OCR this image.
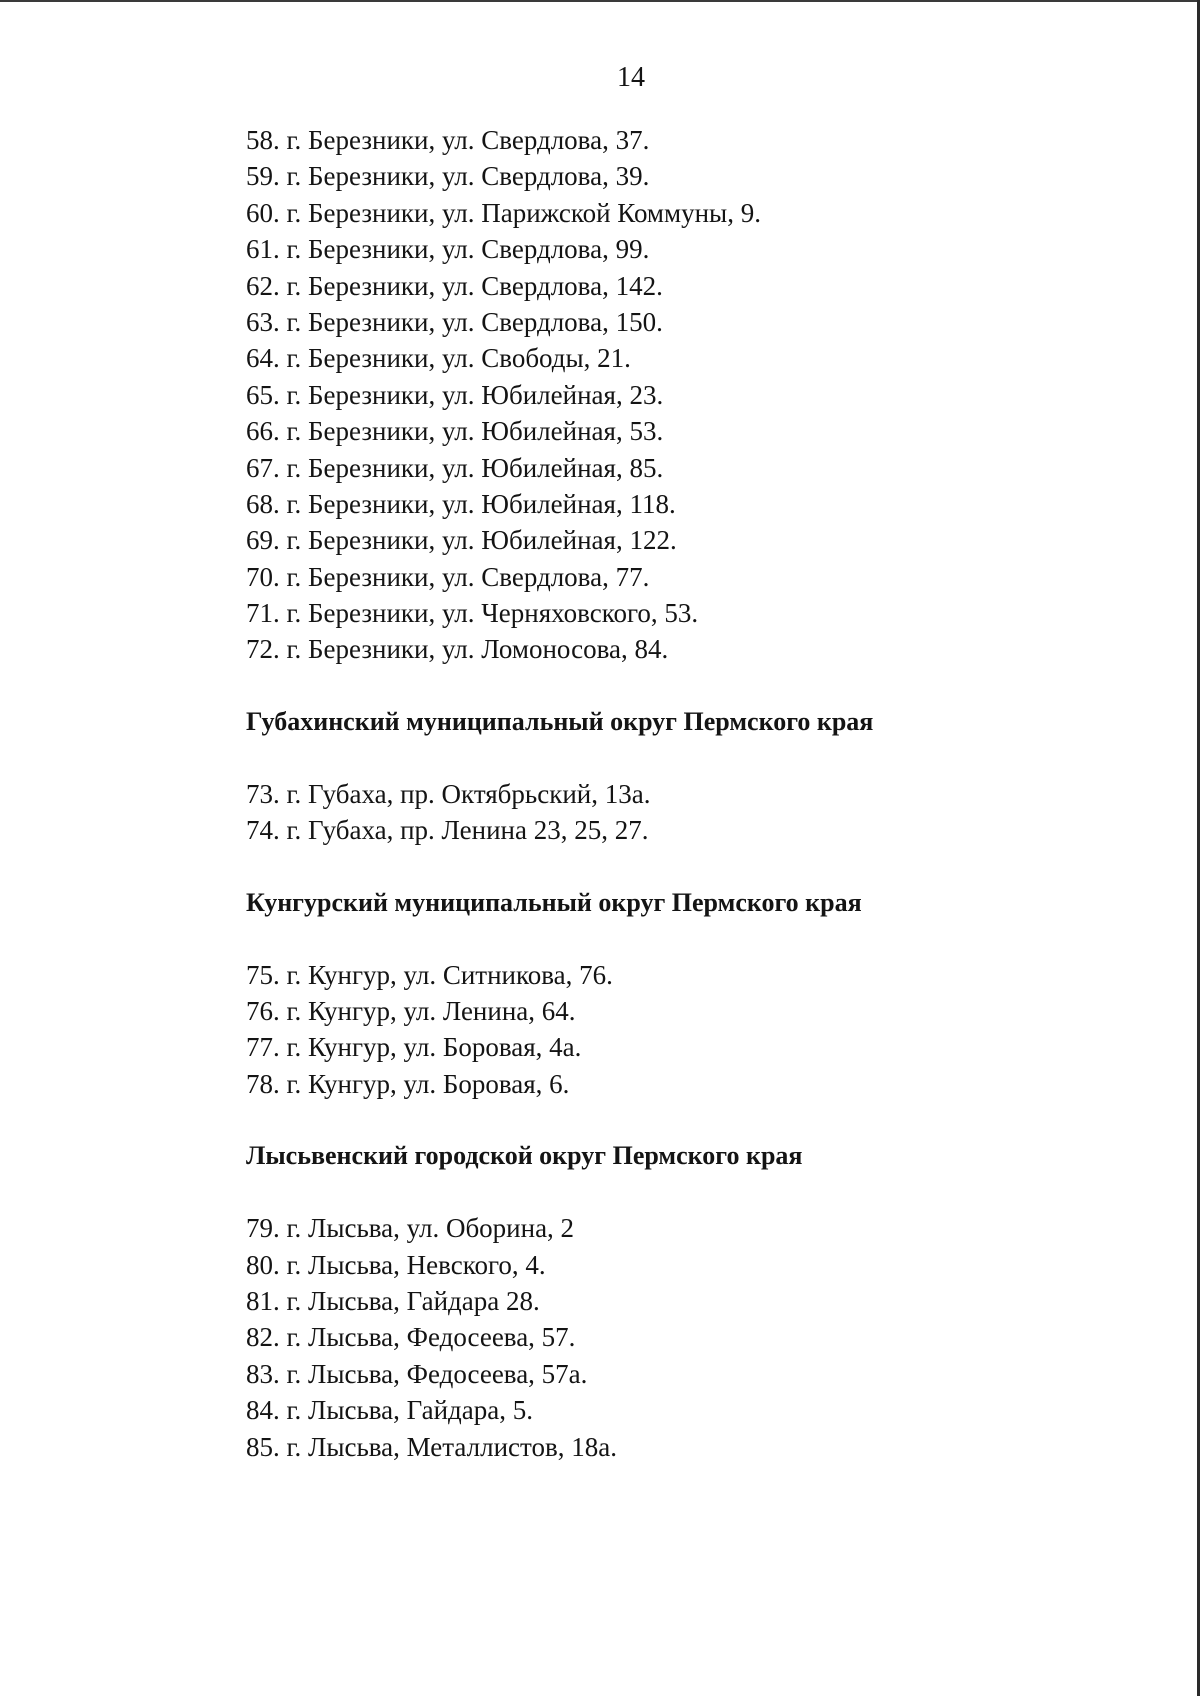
14
58. г. Березники, ул. Свердлова, 37.
59. г. Березники, ул. Свердлова, 39.
60. г. Березники, ул. Парижской Коммуны, 9.
61. г. Березники, ул. Свердлова, 99.
62. г. Березники, ул. Свердлова, 142.
63. г. Березники, ул. Свердлова, 150.
64. г. Березники, ул. Свободы, 21.
65. г. Березники, ул. Юбилейная, 23.
66. г. Березники, ул. Юбилейная, 53.
67. г. Березники, ул. Юбилейная, 85.
68. г. Березники, ул. Юбилейная, 118.
69. г. Березники, ул. Юбилейная, 122.
70. г. Березники, ул. Свердлова, 77.
71. г. Березники, ул. Черняховского, 53.
72. г. Березники, ул. Ломоносова, 84.
Губахинский муниципальный округ Пермского края
73. г. Губаха, пр. Октябрьский, 13а.
74. г. Губаха, пр. Ленина 23, 25, 27.
Кунгурский муниципальный округ Пермского края
75. г. Кунгур, ул. Ситникова, 76.
76. г. Кунгур, ул. Ленина, 64.
77. г. Кунгур, ул. Боровая, 4а.
78. г. Кунгур, ул. Боровая, 6.
Лысьвенский городской округ Пермского края
79. г. Лысьва, ул. Оборина, 2
80. г. Лысьва, Невского, 4.
81. г. Лысьва, Гайдара 28.
82. г. Лысьва, Федосеева, 57.
83. г. Лысьва, Федосеева, 57а.
84. г. Лысьва, Гайдара, 5.
85. г. Лысьва, Металлистов, 18а.
